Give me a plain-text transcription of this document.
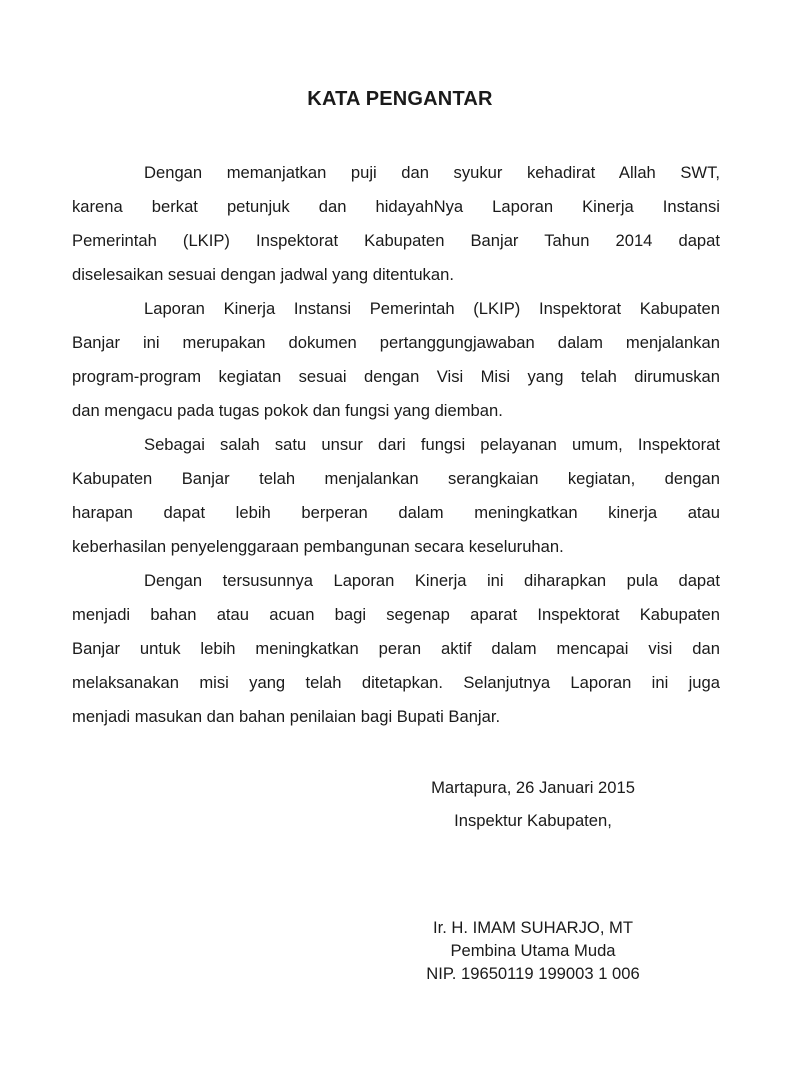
KATA PENGANTAR

Dengan memanjatkan puji dan syukur kehadirat Allah SWT,
karena berkat petunjuk dan hidayahNya Laporan Kinerja Instansi
Pemerintah (LKIP) Inspektorat Kabupaten Banjar Tahun 2014 dapat
diselesaikan sesuai dengan jadwal yang ditentukan.

Laporan Kinerja Instansi Pemerintah (LKIP) Inspektorat Kabupaten
Banjar ini merupakan dokumen pertanggungjawaban dalam menjalankan
program-program kegiatan sesuai dengan Visi Misi yang telah dirumuskan
dan mengacu pada tugas pokok dan fungsi yang diemban.

Sebagai salah satu unsur dari fungsi pelayanan umum, Inspektorat
Kabupaten Banjar telah menjalankan serangkaian kegiatan, dengan
harapan dapat lebih berperan dalam meningkatkan kinerja atau
keberhasilan penyelenggaraan pembangunan secara keseluruhan.

Dengan tersusunnya Laporan Kinerja ini diharapkan pula dapat
menjadi bahan atau acuan bagi segenap aparat Inspektorat Kabupaten
Banjar untuk lebih meningkatkan peran aktif dalam mencapai visi dan
melaksanakan misi yang telah ditetapkan. Selanjutnya Laporan ini juga
menjadi masukan dan bahan penilaian bagi Bupati Banjar.

Martapura, 26 Januari 2015
Inspektur Kabupaten,
Ir. H. IMAM SUHARJO, MT
Pembina Utama Muda
NIP. 19650119 199003 1 006
